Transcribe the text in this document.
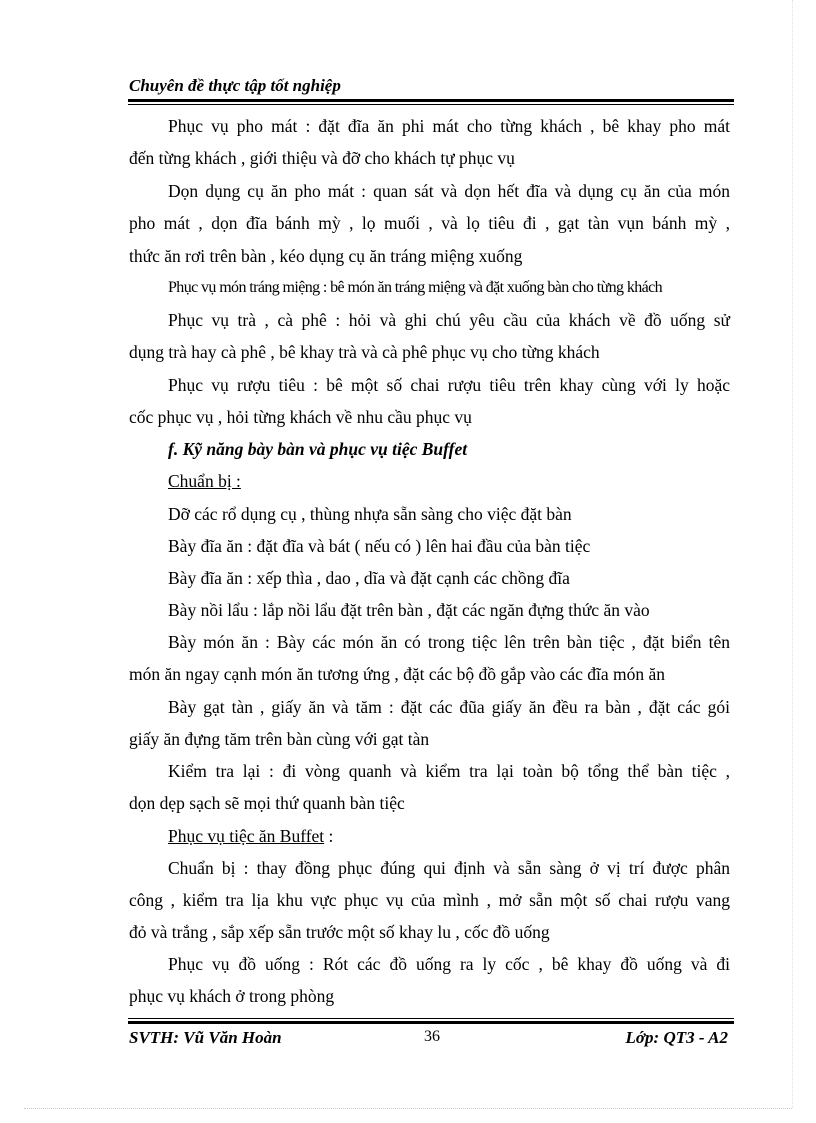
Chuyên đề thực tập tốt nghiệp
Phục vụ pho mát : đặt đĩa ăn phi mát cho từng khách , bê khay pho mát
đến từng khách , giới thiệu và đỡ cho khách tự phục vụ
Dọn dụng cụ ăn pho mát : quan sát và dọn hết đĩa và dụng cụ ăn của món
pho mát , dọn đĩa bánh mỳ , lọ muối , và lọ tiêu đi , gạt tàn vụn bánh mỳ ,
thức ăn rơi trên bàn , kéo dụng cụ ăn tráng miệng xuống
Phục vụ món tráng miệng : bê món ăn tráng miệng và đặt xuống bàn cho từng khách
Phục vụ trà , cà phê : hỏi và ghi chú yêu cầu của khách về đồ uống sử
dụng trà hay cà phê , bê khay trà và cà phê phục vụ cho từng khách
Phục vụ rượu tiêu : bê một số chai rượu tiêu trên khay cùng với ly hoặc
cốc phục vụ , hỏi từng khách về nhu cầu phục vụ
f. Kỹ năng bày bàn và phục vụ tiệc Buffet
Chuẩn bị :
Dỡ các rổ dụng cụ , thùng nhựa sẵn sàng cho việc đặt bàn
Bày đĩa ăn : đặt đĩa và bát ( nếu có ) lên hai đầu của bàn tiệc
Bày đĩa ăn : xếp thìa , dao , dĩa và đặt cạnh các chồng đĩa
Bày nồi lẩu : lắp nồi lẩu đặt trên bàn , đặt các ngăn đựng thức ăn vào
Bày món ăn : Bày các món ăn có trong tiệc lên trên bàn tiệc , đặt biển tên
món ăn ngay cạnh món ăn tương ứng , đặt các bộ đồ gắp vào các đĩa món ăn
Bày gạt tàn , giấy ăn và tăm : đặt các đũa giấy ăn đều ra bàn , đặt các gói
giấy ăn đựng tăm trên bàn cùng với gạt tàn
Kiểm tra lại : đi vòng quanh và kiểm tra lại toàn bộ tổng thể bàn tiệc ,
dọn dẹp sạch sẽ mọi thứ quanh bàn tiệc
Phục vụ tiệc ăn Buffet :
Chuẩn bị : thay đồng phục đúng qui định và sẵn sàng ở vị trí được phân
công , kiểm tra lịa khu vực phục vụ của mình , mở sẵn một số chai rượu vang
đỏ và trắng , sắp xếp sẵn trước một số khay lu , cốc đồ uống
Phục vụ đồ uống : Rót các đồ uống ra ly cốc , bê khay đồ uống và đi
phục vụ khách ở trong phòng
SVTH: Vũ Văn Hoàn	36	Lớp: QT3 - A2
